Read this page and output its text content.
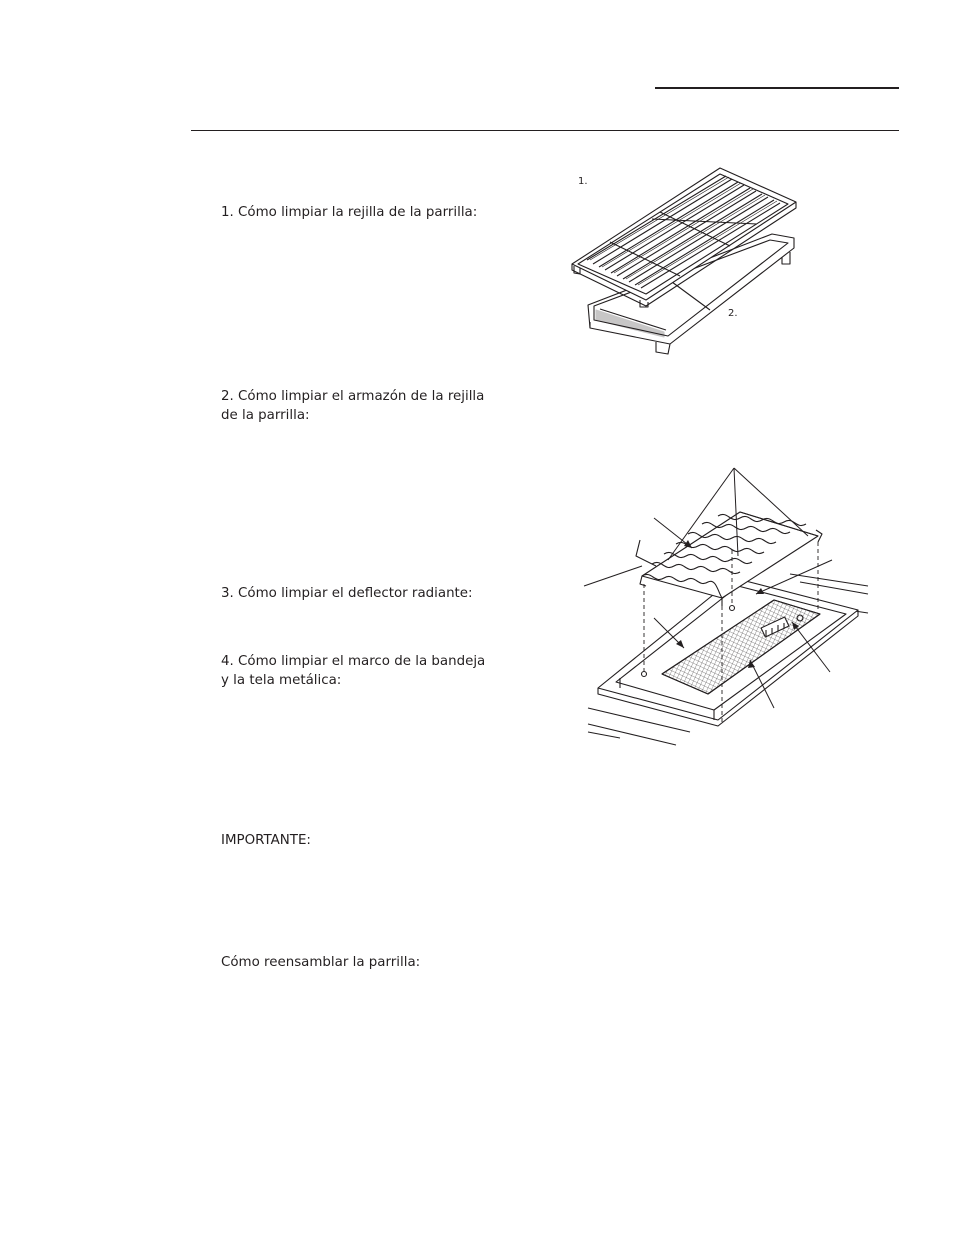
1. Cómo limpiar la rejilla de la parrilla:

2. Cómo limpiar el armazón de la rejilla
de la parrilla:

3. Cómo limpiar el deflector radiante:

4. Cómo limpiar el marco de la bandeja
y la tela metálica:

IMPORTANTE:

Cómo reensamblar la parrilla:

1.
2.
